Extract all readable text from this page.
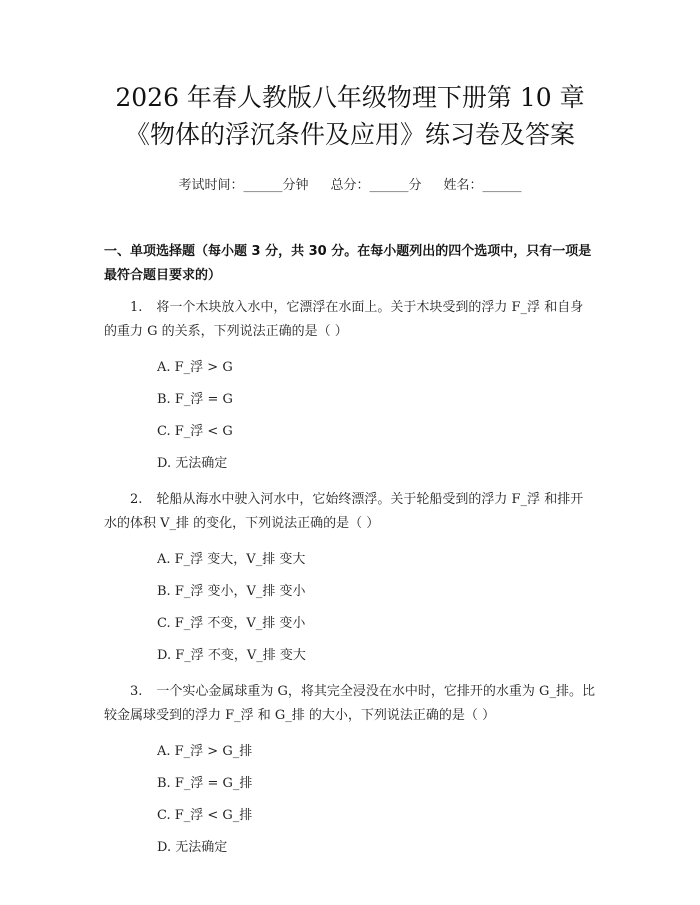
2026 年春人教版八年级物理下册第 10 章
《物体的浮沉条件及应用》练习卷及答案
考试时间：______分钟 总分：______分 姓名：______
一、单项选择题（每小题 3 分，共 30 分。在每小题列出的四个选项中，只有一项是最符合题目要求的）
1. 将一个木块放入水中，它漂浮在水面上。关于木块受到的浮力 F_浮 和自身的重力 G 的关系，下列说法正确的是（ ）
A. F_浮 > G
B. F_浮 = G
C. F_浮 < G
D. 无法确定
2. 轮船从海水中驶入河水中，它始终漂浮。关于轮船受到的浮力 F_浮 和排开水的体积 V_排 的变化，下列说法正确的是（ ）
A. F_浮 变大，V_排 变大
B. F_浮 变小，V_排 变小
C. F_浮 不变，V_排 变小
D. F_浮 不变，V_排 变大
3. 一个实心金属球重为 G，将其完全浸没在水中时，它排开的水重为 G_排。比较金属球受到的浮力 F_浮 和 G_排 的大小，下列说法正确的是（ ）
A. F_浮 > G_排
B. F_浮 = G_排
C. F_浮 < G_排
D. 无法确定
